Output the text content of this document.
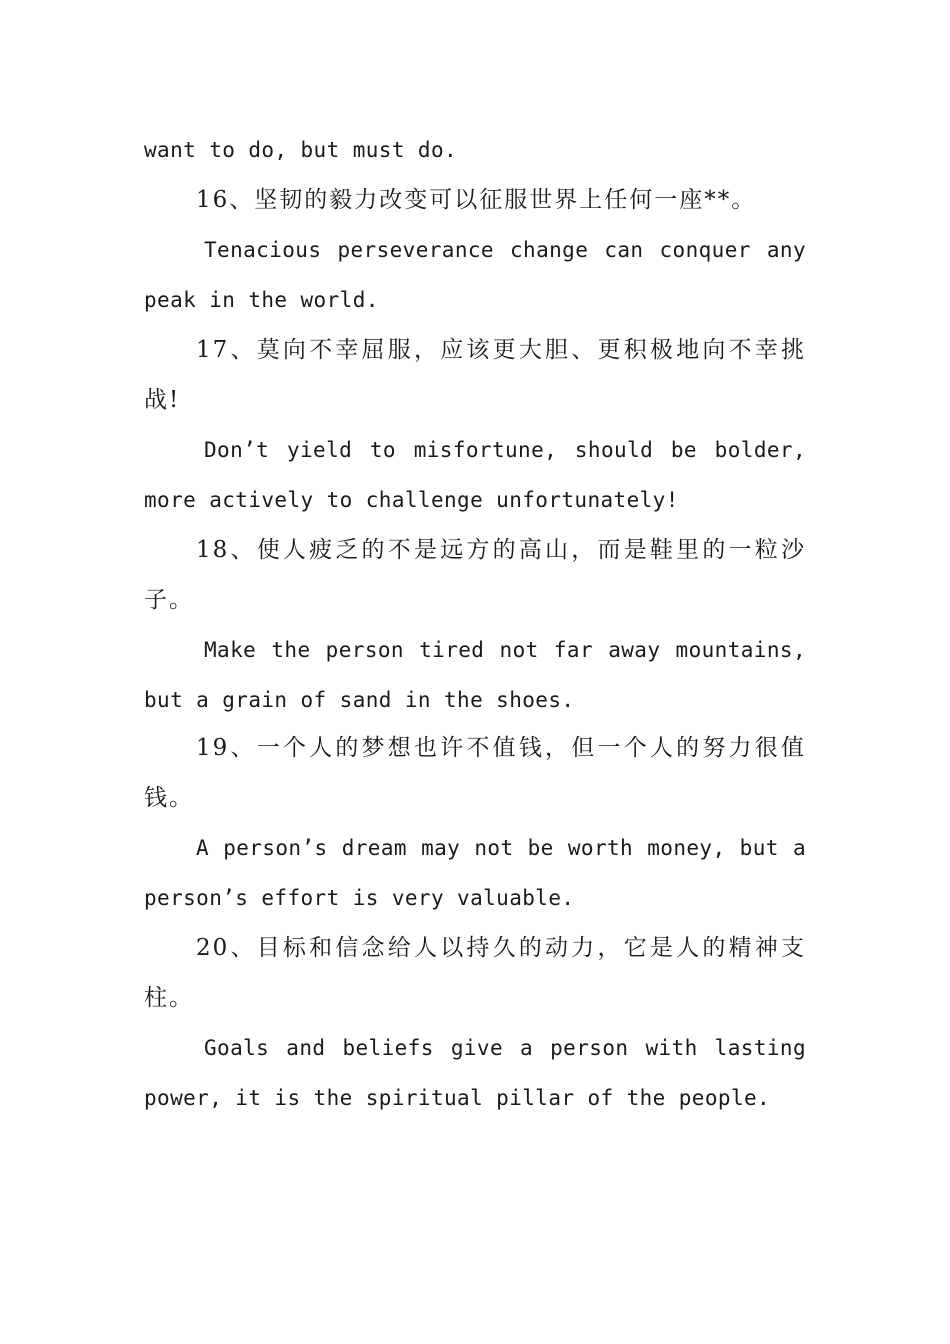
want to do, but must do.
16、坚韧的毅力改变可以征服世界上任何一座**。
Tenacious perseverance change can conquer any
peak in the world.
17、莫向不幸屈服，应该更大胆、更积极地向不幸挑
战!
Don’t yield to misfortune, should be bolder,
more actively to challenge unfortunately!
18、使人疲乏的不是远方的高山，而是鞋里的一粒沙
子。
Make the person tired not far away mountains,
but a grain of sand in the shoes.
19、一个人的梦想也许不值钱，但一个人的努力很值
钱。
A person’s dream may not be worth money, but a
person’s effort is very valuable.
20、目标和信念给人以持久的动力，它是人的精神支
柱。
Goals and beliefs give a person with lasting
power, it is the spiritual pillar of the people.
